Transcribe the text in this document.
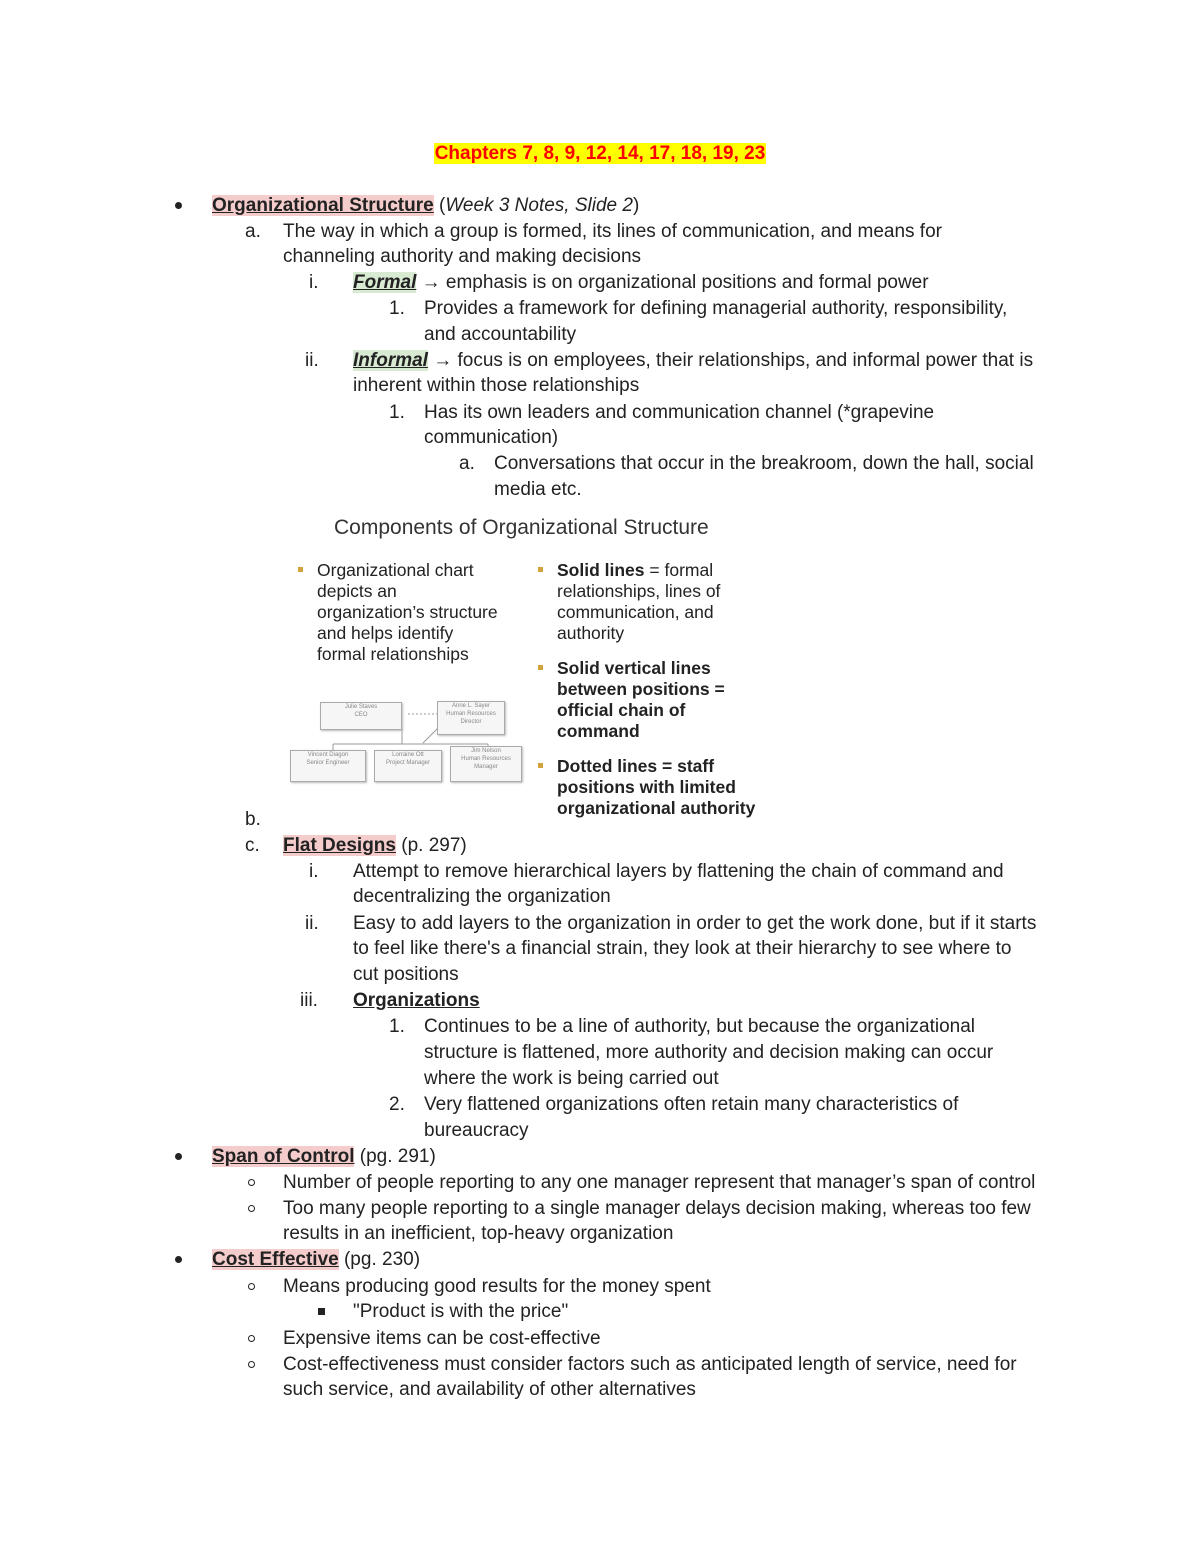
Chapters 7, 8, 9, 12, 14, 17, 18, 19, 23
Organizational Structure (Week 3 Notes, Slide 2)
a. The way in which a group is formed, its lines of communication, and means for
channeling authority and making decisions
i. Formal → emphasis is on organizational positions and formal power
1. Provides a framework for defining managerial authority, responsibility,
and accountability
ii. Informal → focus is on employees, their relationships, and informal power that is
inherent within those relationships
1. Has its own leaders and communication channel (*grapevine
communication)
a. Conversations that occur in the breakroom, down the hall, social
media etc.
Components of Organizational Structure
Organizational chart
depicts an
organization’s structure
and helps identify
formal relationships
Solid lines = formal
relationships, lines of
communication, and
authority
Solid vertical lines
between positions =
official chain of
command
Dotted lines = staff
positions with limited
organizational authority
Julie Staves
CEO
Anne L. Sayer
Human Resources
Director
Vincent Diagon
Senior Engineer
Lorraine Ott
Project Manager
Jim Nelson
Human Resources
Manager
b.
c. Flat Designs (p. 297)
i. Attempt to remove hierarchical layers by flattening the chain of command and
decentralizing the organization
ii. Easy to add layers to the organization in order to get the work done, but if it starts
to feel like there's a financial strain, they look at their hierarchy to see where to
cut positions
iii. Organizations
1. Continues to be a line of authority, but because the organizational
structure is flattened, more authority and decision making can occur
where the work is being carried out
2. Very flattened organizations often retain many characteristics of
bureaucracy
Span of Control (pg. 291)
Number of people reporting to any one manager represent that manager’s span of control
Too many people reporting to a single manager delays decision making, whereas too few
results in an inefficient, top-heavy organization
Cost Effective (pg. 230)
Means producing good results for the money spent
"Product is with the price"
Expensive items can be cost-effective
Cost-effectiveness must consider factors such as anticipated length of service, need for
such service, and availability of other alternatives
